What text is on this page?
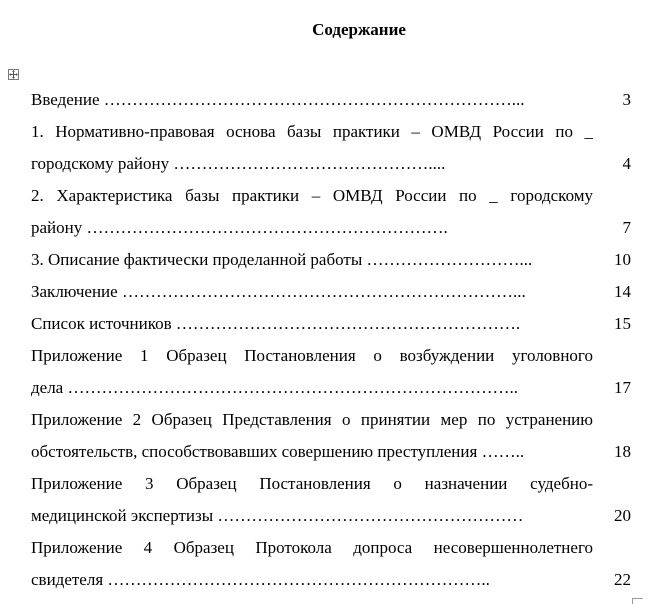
Содержание
Введение ………………………………………………………………...	3
1. Нормативно-правовая основа базы практики – ОМВД России по _
городскому району ………………………………………....	4
2. Характеристика базы практики – ОМВД России по _ городскому
району ……………………………………………………….	7
3. Описание фактически проделанной работы ………………………...	10
Заключение ……………………………………………………………...	14
Список источников …………………………………………………….	15
Приложение 1 Образец Постановления о возбуждении уголовного
дела ……………………………………………………………………..	17
Приложение 2 Образец Представления о принятии мер по устранению
обстоятельств, способствовавших совершению преступления ……..	18
Приложение 3 Образец Постановления о назначении судебно-
медицинской экспертизы ………………………………………………	20
Приложение 4 Образец Протокола допроса несовершеннолетнего
свидетеля …………………………………………………………..	22
